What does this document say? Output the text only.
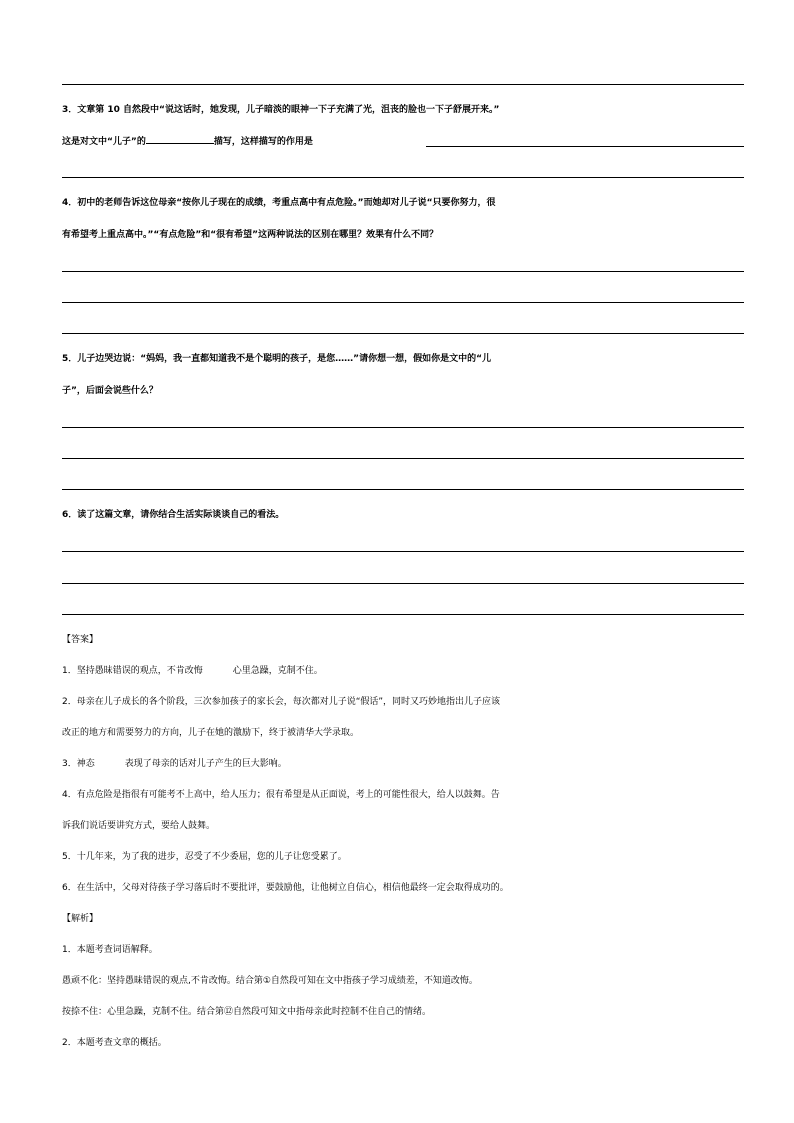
3．文章第 10 自然段中“说这话时，她发现，儿子暗淡的眼神一下子充满了光，沮丧的脸也一下子舒展开来。”
这是对文中“儿子”的	描写，这样描写的作用是
4．初中的老师告诉这位母亲“按你儿子现在的成绩，考重点高中有点危险。”而她却对儿子说“只要你努力，很
有希望考上重点高中。”“有点危险”和“很有希望”这两种说法的区别在哪里？效果有什么不同？
5．儿子边哭边说：“妈妈，我一直都知道我不是个聪明的孩子，是您……”请你想一想，假如你是文中的“儿
子”，后面会说些什么？
6．读了这篇文章，请你结合生活实际谈谈自己的看法。
【答案】
1．坚持愚昧错误的观点，不肯改悔	心里急躁，克制不住。
2．母亲在儿子成长的各个阶段，三次参加孩子的家长会，每次都对儿子说“假话”，同时又巧妙地指出儿子应该
改正的地方和需要努力的方向，儿子在她的激励下，终于被清华大学录取。
3．神态	表现了母亲的话对儿子产生的巨大影响。
4．有点危险是指很有可能考不上高中，给人压力；很有希望是从正面说，考上的可能性很大，给人以鼓舞。告
诉我们说话要讲究方式，要给人鼓舞。
5．十几年来，为了我的进步，忍受了不少委屈，您的儿子让您受累了。
6．在生活中，父母对待孩子学习落后时不要批评，要鼓励他，让他树立自信心，相信他最终一定会取得成功的。
【解析】
1．本题考查词语解释。
愚顽不化：坚持愚昧错误的观点,不肯改悔。结合第①自然段可知在文中指孩子学习成绩差，不知道改悔。
按捺不住：心里急躁，克制不住。结合第⑫自然段可知文中指母亲此时控制不住自己的情绪。
2．本题考查文章的概括。
